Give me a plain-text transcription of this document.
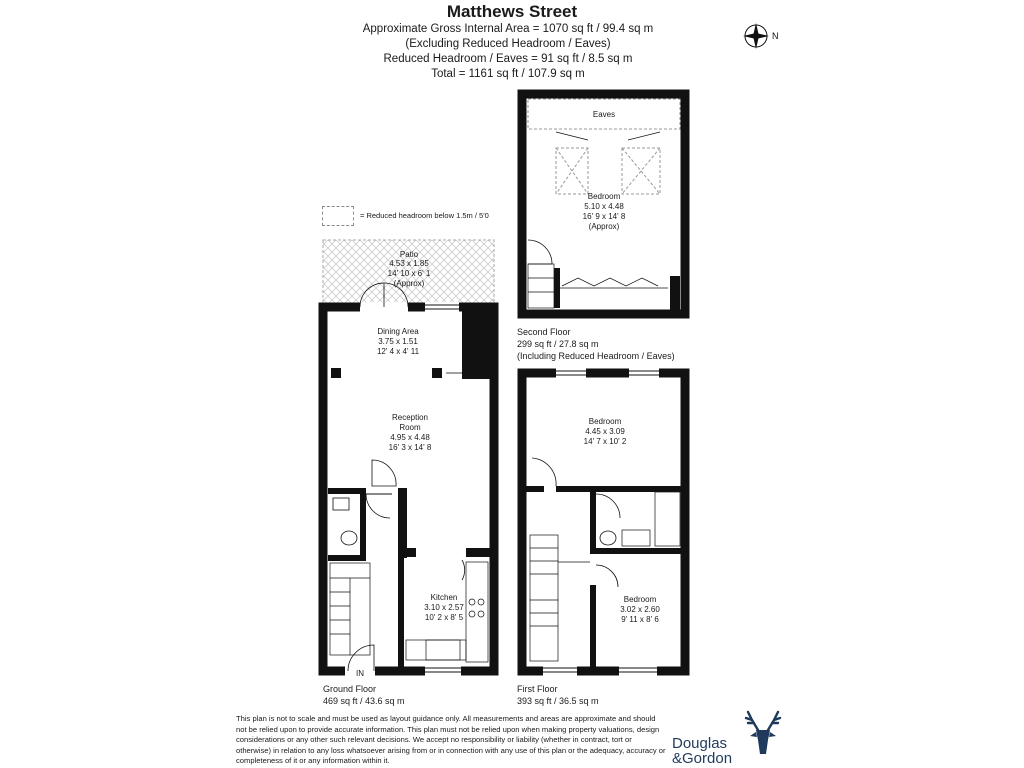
Matthews Street
Approximate Gross Internal Area = 1070 sq ft / 99.4 sq m
(Excluding Reduced Headroom / Eaves)
Reduced Headroom / Eaves = 91 sq ft / 8.5 sq m
Total = 1161 sq ft / 107.9 sq m
N
= Reduced headroom below 1.5m / 5'0
Patio
4.53 x 1.85
14' 10 x 6' 1
(Approx)
Dining Area
3.75 x 1.51
12' 4 x 4' 11
Reception
Room
4.95 x 4.48
16' 3 x 14' 8
Kitchen
3.10 x 2.57
10' 2 x 8' 5
IN
Bedroom
4.45 x 3.09
14' 7 x 10' 2
Bedroom
3.02 x 2.60
9' 11 x 8' 6
Eaves
Bedroom
5.10 x 4.48
16' 9 x 14' 8
(Approx)
Ground Floor
469 sq ft / 43.6 sq m
First Floor
393 sq ft / 36.5 sq m
Second Floor
299 sq ft / 27.8 sq m
(Including Reduced Headroom / Eaves)
This plan is not to scale and must be used as layout guidance only. All measurements and areas are approximate and should not be relied upon to provide accurate information. This plan must not be relied upon when making property valuations, design considerations or any other such relevant decisions. We accept no responsibility or liability (whether in contract, tort or otherwise) in relation to any loss whatsoever arising from or in connection with any use of this plan or the adequacy, accuracy or completeness of it or any information within it.
Douglas
&Gordon
